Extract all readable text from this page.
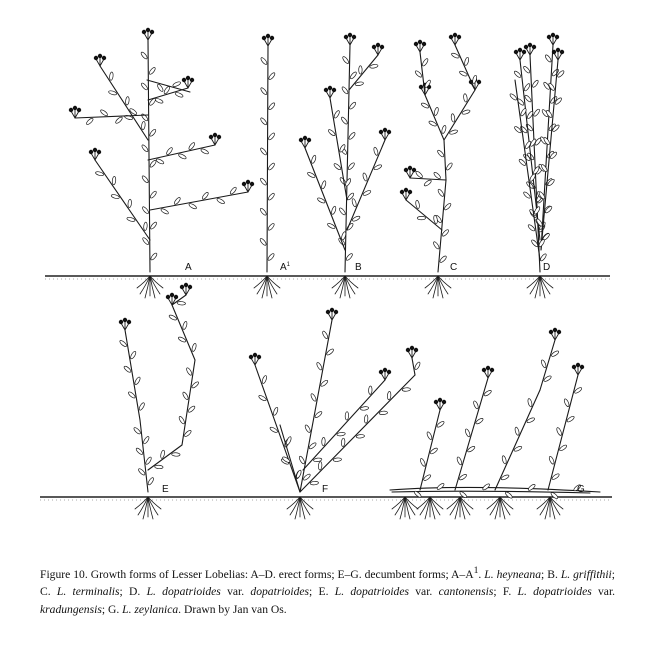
A	$A^1$	B	C	D
E	F	G

Figure 10. Growth forms of Lesser Lobelias: A–D. erect forms; E–G. decumbent forms; $A-A^1$. L. heyneana; B. L. griffithii; C. L. terminalis; D. L. dopatrioides var. dopatrioides; E. L. dopatrioides var. cantonensis; F. L. dopatrioides var. kradungensis; G. L. zeylanica. Drawn by Jan van Os.
